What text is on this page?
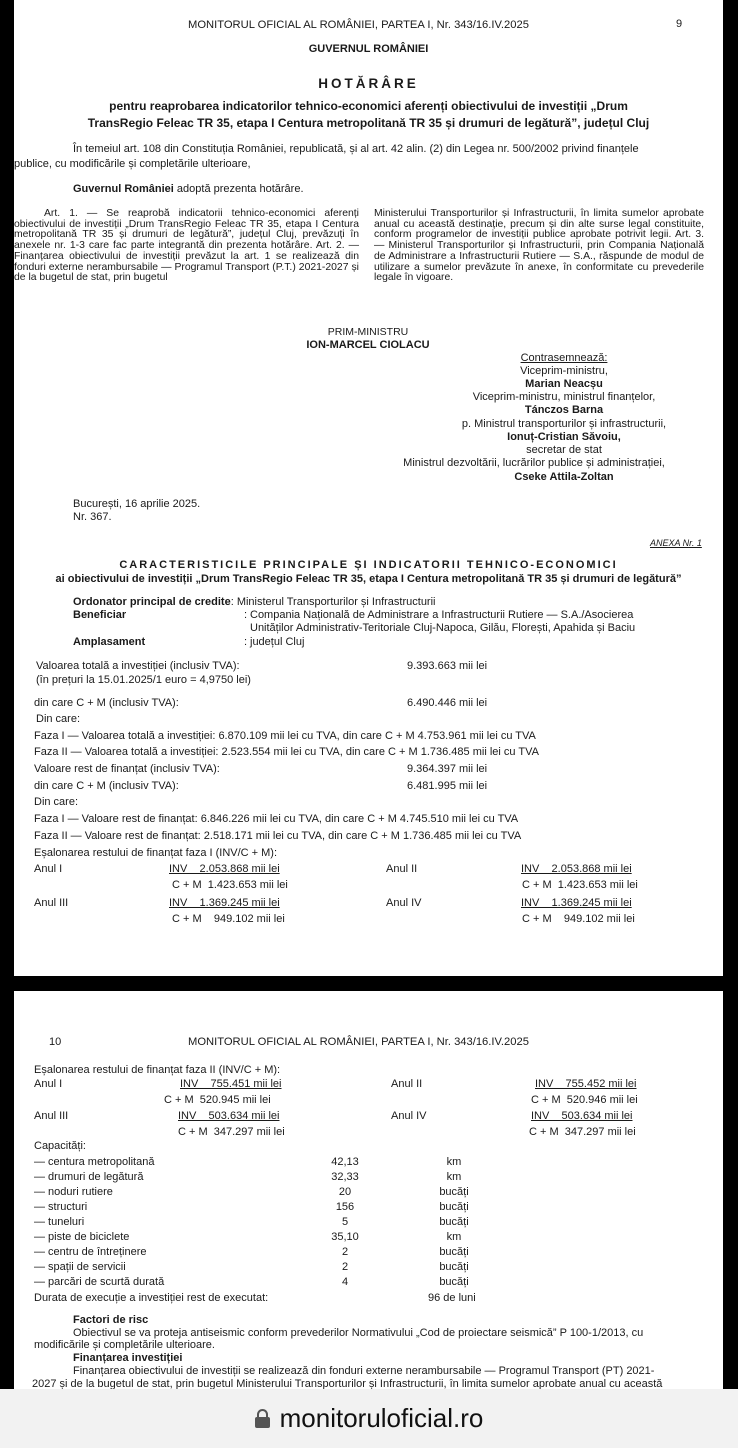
MONITORUL OFICIAL AL ROMÂNIEI, PARTEA I, Nr. 343/16.IV.2025	9
GUVERNUL ROMÂNIEI
HOTĂRÂRE
pentru reaprobarea indicatorilor tehnico-economici aferenți obiectivului de investiții „Drum
TransRegio Feleac TR 35, etapa I Centura metropolitană TR 35 și drumuri de legătură”, județul Cluj
În temeiul art. 108 din Constituția României, republicată, și al art. 42 alin. (2) din Legea nr. 500/2002 privind finanțele
publice, cu modificările și completările ulterioare,
Guvernul României adoptă prezenta hotărâre.
Art. 1. — Se reaprobă indicatorii tehnico-economici aferenți obiectivului de investiții „Drum TransRegio Feleac TR 35, etapa I Centura metropolitană TR 35 și drumuri de legătură”, județul Cluj, prevăzuți în anexele nr. 1-3 care fac parte integrantă din prezenta hotărâre. Art. 2. — Finanțarea obiectivului de investiții prevăzut la art. 1 se realizează din fonduri externe nerambursabile — Programul Transport (P.T.) 2021-2027 și de la bugetul de stat, prin bugetul
Ministerului Transporturilor și Infrastructurii, în limita sumelor aprobate anual cu această destinație, precum și din alte surse legal constituite, conform programelor de investiții publice aprobate potrivit legii. Art. 3. — Ministerul Transporturilor și Infrastructurii, prin Compania Națională de Administrare a Infrastructurii Rutiere — S.A., răspunde de modul de utilizare a sumelor prevăzute în anexe, în conformitate cu prevederile legale în vigoare.
PRIM-MINISTRU
ION-MARCEL CIOLACU
Contrasemnează:
Viceprim-ministru,
Marian Neacșu
Viceprim-ministru, ministrul finanțelor,
Tánczos Barna
p. Ministrul transporturilor și infrastructurii,
Ionuț-Cristian Săvoiu,
secretar de stat
Ministrul dezvoltării, lucrărilor publice și administrației,
Cseke Attila-Zoltan
București, 16 aprilie 2025.
Nr. 367.
ANEXA Nr. 1
CARACTERISTICILE PRINCIPALE ȘI INDICATORII TEHNICO-ECONOMICI
ai obiectivului de investiții „Drum TransRegio Feleac TR 35, etapa I Centura metropolitană TR 35 și drumuri de legătură”
Ordonator principal de credite: Ministerul Transporturilor și Infrastructurii
Beneficiar	: Compania Națională de Administrare a Infrastructurii Rutiere — S.A./Asocierea
Unităților Administrativ-Teritoriale Cluj-Napoca, Gilău, Florești, Apahida și Baciu
Amplasament	: județul Cluj
Valoarea totală a investiției (inclusiv TVA):	9.393.663 mii lei
(în prețuri la 15.01.2025/1 euro = 4,9750 lei)
din care C + M (inclusiv TVA):	6.490.446 mii lei
Din care:
Faza I — Valoarea totală a investiției: 6.870.109 mii lei cu TVA, din care C + M 4.753.961 mii lei cu TVA
Faza II — Valoarea totală a investiției: 2.523.554 mii lei cu TVA, din care C + M 1.736.485 mii lei cu TVA
Valoare rest de finanțat (inclusiv TVA):	9.364.397 mii lei
din care C + M (inclusiv TVA):	6.481.995 mii lei
Din care:
Faza I — Valoare rest de finanțat: 6.846.226 mii lei cu TVA, din care C + M 4.745.510 mii lei cu TVA
Faza II — Valoare rest de finanțat: 2.518.171 mii lei cu TVA, din care C + M 1.736.485 mii lei cu TVA
Eșalonarea restului de finanțat faza I (INV/C + M):
Anul I	INV    2.053.868 mii lei
C + M  1.423.653 mii lei
Anul II	INV    2.053.868 mii lei
C + M  1.423.653 mii lei
Anul III	INV    1.369.245 mii lei
C + M    949.102 mii lei
Anul IV	INV    1.369.245 mii lei
C + M    949.102 mii lei
10	MONITORUL OFICIAL AL ROMÂNIEI, PARTEA I, Nr. 343/16.IV.2025
Eșalonarea restului de finanțat faza II (INV/C + M):
Anul I	INV    755.451 mii lei
C + M  520.945 mii lei
Anul II	INV    755.452 mii lei
C + M  520.946 mii lei
Anul III	INV    503.634 mii lei
C + M  347.297 mii lei
Anul IV	INV    503.634 mii lei
C + M  347.297 mii lei
Capacități:
— centura metropolitană	42,13	km
— drumuri de legătură	32,33	km
— noduri rutiere	20	bucăți
— structuri	156	bucăți
— tuneluri	5	bucăți
— piste de biciclete	35,10	km
— centru de întreținere	2	bucăți
— spații de servicii	2	bucăți
— parcări de scurtă durată	4	bucăți
Durata de execuție a investiției rest de executat:	96 de luni
Factori de risc
Obiectivul se va proteja antiseismic conform prevederilor Normativului „Cod de proiectare seismică” P 100-1/2013, cu
modificările și completările ulterioare.
Finanțarea investiției
Finanțarea obiectivului de investiții se realizează din fonduri externe nerambursabile — Programul Transport (PT) 2021-
2027 și de la bugetul de stat, prin bugetul Ministerului Transporturilor și Infrastructurii, în limita sumelor aprobate anual cu această
monitoruloficial.ro
